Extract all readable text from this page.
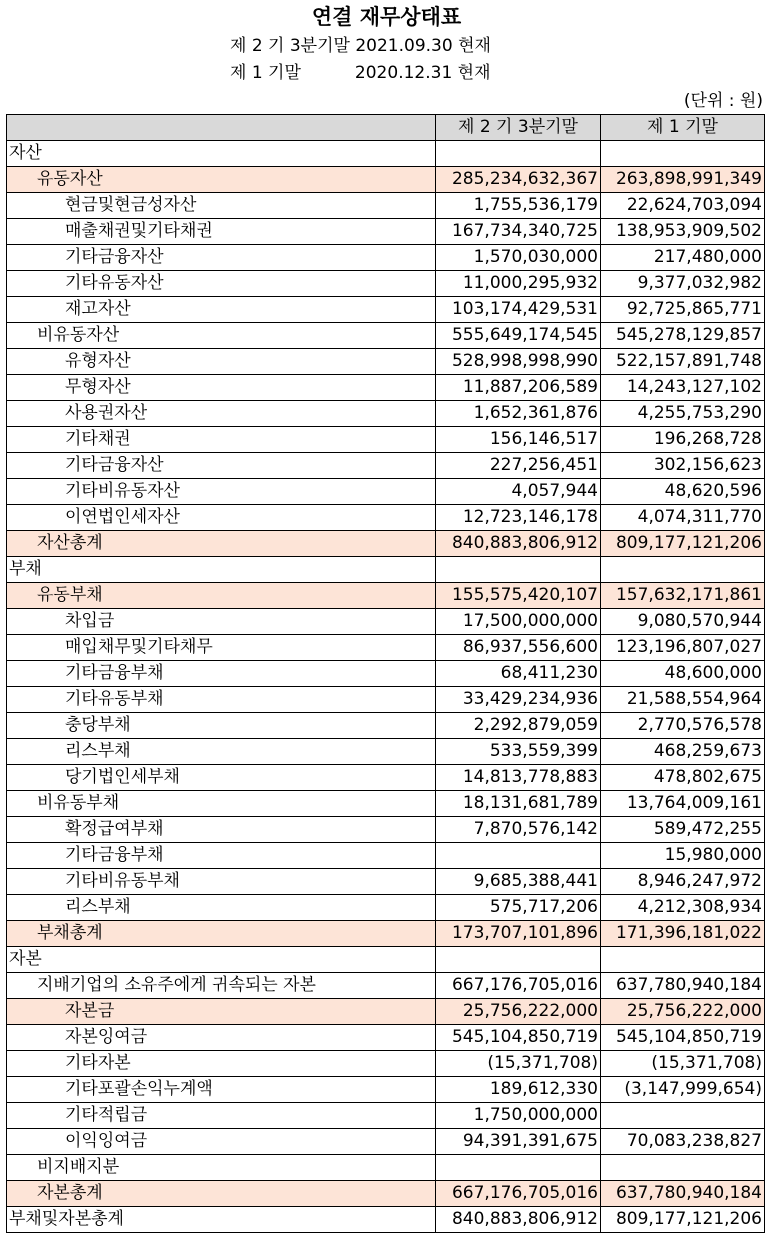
연결 재무상태표
제 2 기 3분기말 2021.09.30 현재
제 1 기말          2020.12.31 현재
(단위 : 원)
	제 2 기 3분기말	제 1 기말
자산		
유동자산	285,234,632,367	263,898,991,349
현금및현금성자산	1,755,536,179	22,624,703,094
매출채권및기타채권	167,734,340,725	138,953,909,502
기타금융자산	1,570,030,000	217,480,000
기타유동자산	11,000,295,932	9,377,032,982
재고자산	103,174,429,531	92,725,865,771
비유동자산	555,649,174,545	545,278,129,857
유형자산	528,998,998,990	522,157,891,748
무형자산	11,887,206,589	14,243,127,102
사용권자산	1,652,361,876	4,255,753,290
기타채권	156,146,517	196,268,728
기타금융자산	227,256,451	302,156,623
기타비유동자산	4,057,944	48,620,596
이연법인세자산	12,723,146,178	4,074,311,770
자산총계	840,883,806,912	809,177,121,206
부채		
유동부채	155,575,420,107	157,632,171,861
차입금	17,500,000,000	9,080,570,944
매입채무및기타채무	86,937,556,600	123,196,807,027
기타금융부채	68,411,230	48,600,000
기타유동부채	33,429,234,936	21,588,554,964
충당부채	2,292,879,059	2,770,576,578
리스부채	533,559,399	468,259,673
당기법인세부채	14,813,778,883	478,802,675
비유동부채	18,131,681,789	13,764,009,161
확정급여부채	7,870,576,142	589,472,255
기타금융부채		15,980,000
기타비유동부채	9,685,388,441	8,946,247,972
리스부채	575,717,206	4,212,308,934
부채총계	173,707,101,896	171,396,181,022
자본		
지배기업의 소유주에게 귀속되는 자본	667,176,705,016	637,780,940,184
자본금	25,756,222,000	25,756,222,000
자본잉여금	545,104,850,719	545,104,850,719
기타자본	(15,371,708)	(15,371,708)
기타포괄손익누계액	189,612,330	(3,147,999,654)
기타적립금	1,750,000,000	
이익잉여금	94,391,391,675	70,083,238,827
비지배지분		
자본총계	667,176,705,016	637,780,940,184
부채및자본총계	840,883,806,912	809,177,121,206
